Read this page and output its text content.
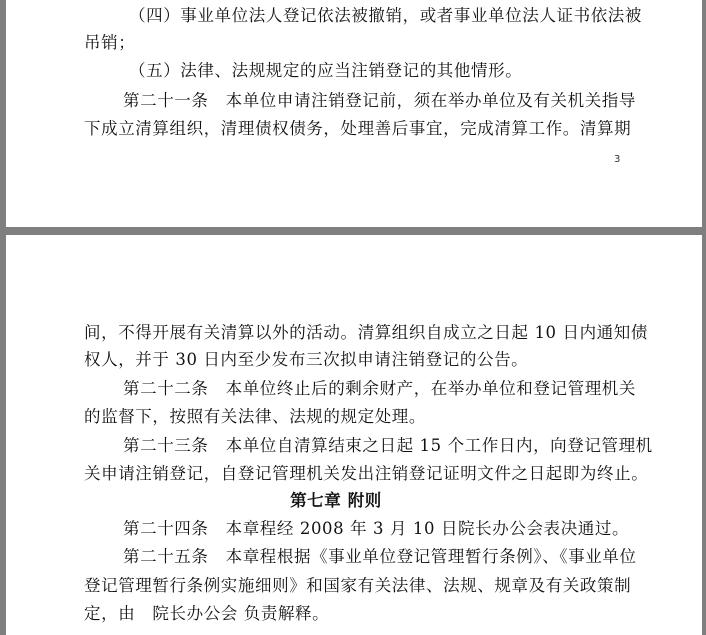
（四）事业单位法人登记依法被撤销，或者事业单位法人证书依法被
吊销；
（五）法律、法规规定的应当注销登记的其他情形。
第二十一条　本单位申请注销登记前，须在举办单位及有关机关指导
下成立清算组织，清理债权债务，处理善后事宜，完成清算工作。清算期
3
间，不得开展有关清算以外的活动。清算组织自成立之日起 10 日内通知债
权人，并于 30 日内至少发布三次拟申请注销登记的公告。
第二十二条　本单位终止后的剩余财产，在举办单位和登记管理机关
的监督下，按照有关法律、法规的规定处理。
第二十三条　本单位自清算结束之日起 15 个工作日内，向登记管理机
关申请注销登记，自登记管理机关发出注销登记证明文件之日起即为终止。
第七章 附则
第二十四条　本章程经 2008 年 3 月 10 日院长办公会表决通过。
第二十五条　本章程根据《事业单位登记管理暂行条例》、《事业单位
登记管理暂行条例实施细则》和国家有关法律、法规、规章及有关政策制
定，由　院长办公会 负责解释。
